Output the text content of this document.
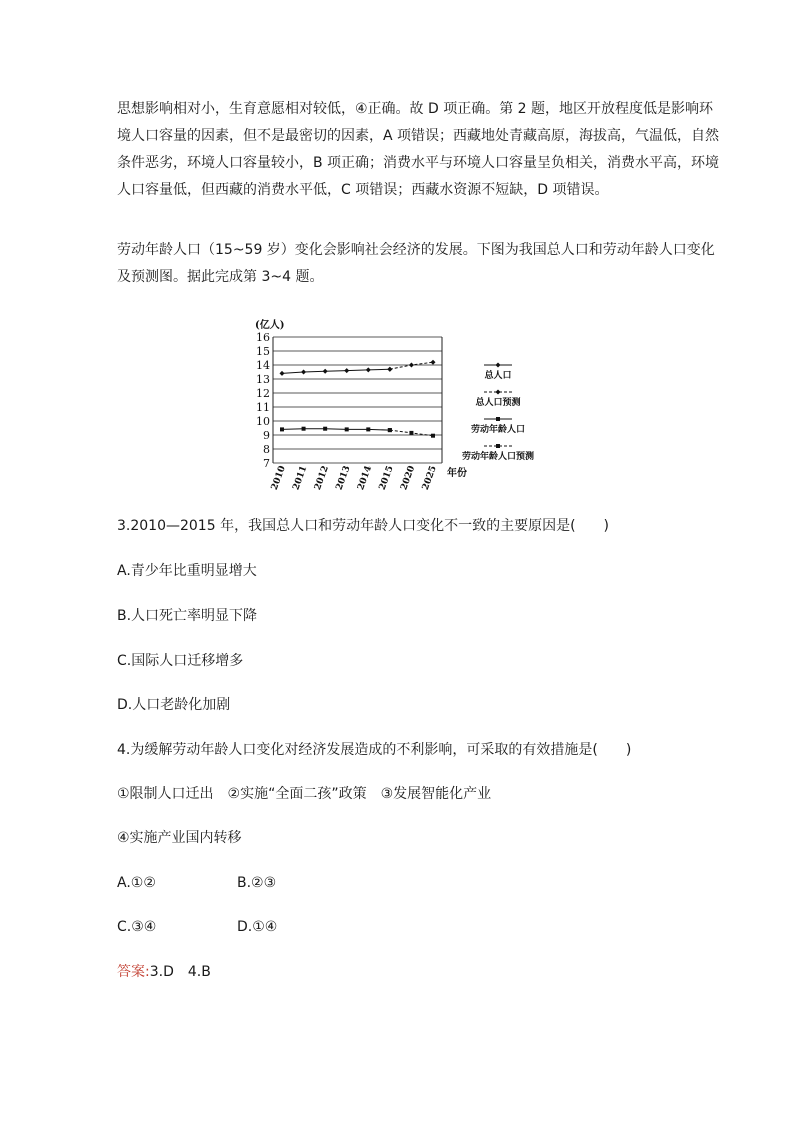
思想影响相对小，生育意愿相对较低，④正确。故 D 项正确。第 2 题，地区开放程度低是影响环
境人口容量的因素，但不是最密切的因素，A 项错误；西藏地处青藏高原，海拔高，气温低，自然
条件恶劣，环境人口容量较小，B 项正确；消费水平与环境人口容量呈负相关，消费水平高，环境
人口容量低，但西藏的消费水平低，C 项错误；西藏水资源不短缺，D 项错误。
劳动年龄人口（15~59 岁）变化会影响社会经济的发展。下图为我国总人口和劳动年龄人口变化
及预测图。据此完成第 3~4 题。
(亿人)
7
8
9
10
11
12
13
14
15
16
2010 2011 2012 2013 2014 2015 2020 2025 年份
总人口
总人口预测
劳动年龄人口
劳动年龄人口预测
3.2010—2015 年，我国总人口和劳动年龄人口变化不一致的主要原因是(　　)
A.青少年比重明显增大
B.人口死亡率明显下降
C.国际人口迁移增多
D.人口老龄化加剧
4.为缓解劳动年龄人口变化对经济发展造成的不利影响，可采取的有效措施是(　　)
①限制人口迁出　②实施“全面二孩”政策　③发展智能化产业
④实施产业国内转移
A.①②	B.②③
C.③④	D.①④
答案:3.D　4.B
